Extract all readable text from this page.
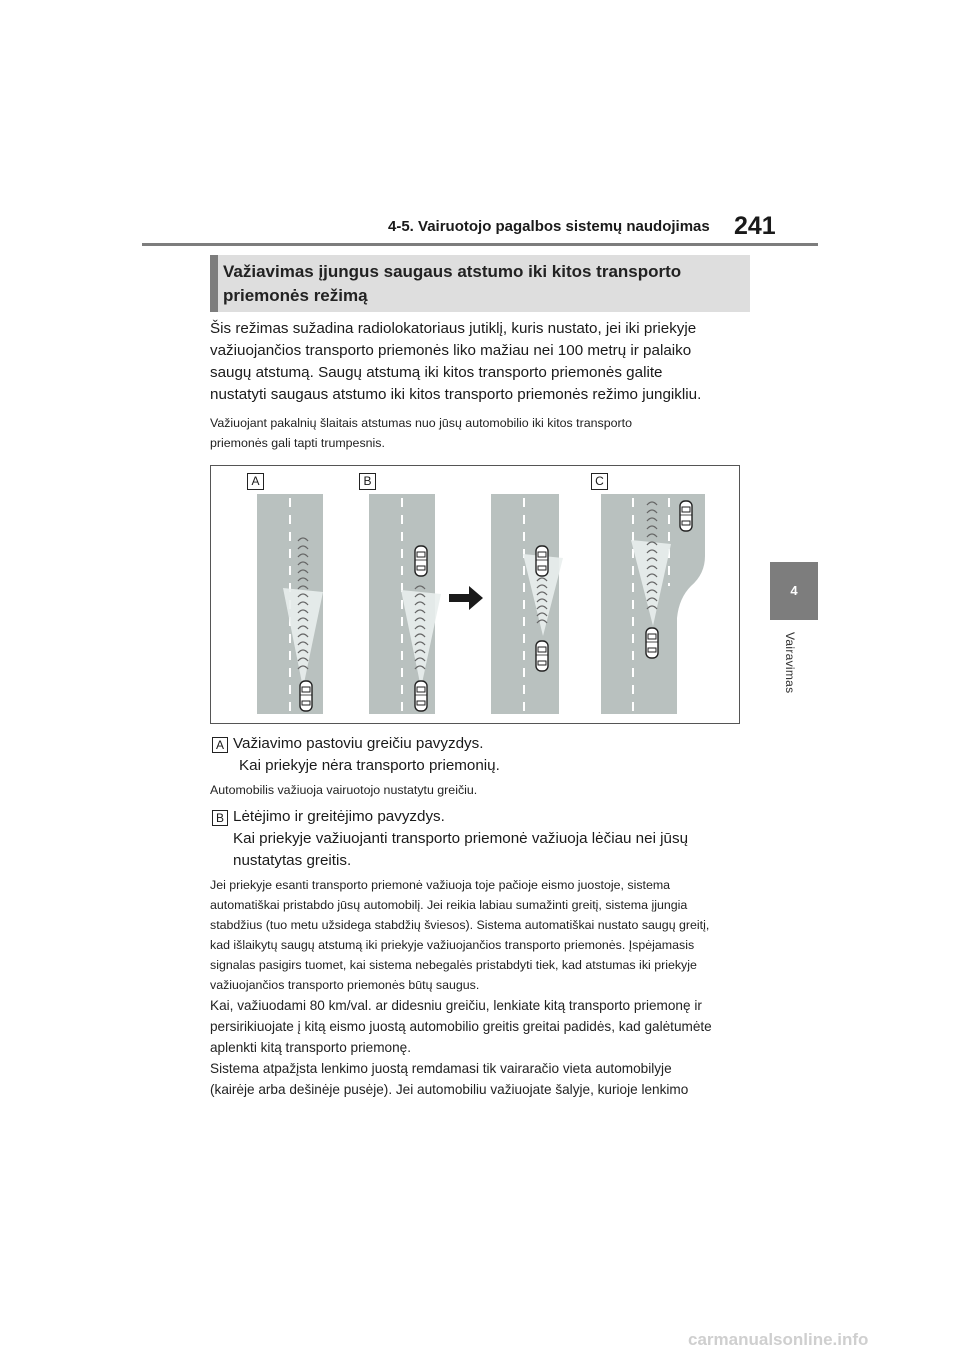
4-5. Vairuotojo pagalbos sistemų naudojimas 241
4
Vairavimas
Važiavimas įjungus saugaus atstumo iki kitos transporto
priemonės režimą
Šis režimas sužadina radiolokatoriaus jutiklį, kuris nustato, jei iki priekyje
važiuojančios transporto priemonės liko mažiau nei 100 metrų ir palaiko
saugų atstumą. Saugų atstumą iki kitos transporto priemonės galite
nustatyti saugaus atstumo iki kitos transporto priemonės režimo jungikliu.
Važiuojant pakalnių šlaitais atstumas nuo jūsų automobilio iki kitos transporto
priemonės gali tapti trumpesnis.
A	B	C
A Važiavimo pastoviu greičiu pavyzdys.
Kai priekyje nėra transporto priemonių.
Automobilis važiuoja vairuotojo nustatytu greičiu.
B Lėtėjimo ir greitėjimo pavyzdys.
Kai priekyje važiuojanti transporto priemonė važiuoja lėčiau nei jūsų
nustatytas greitis.
Jei priekyje esanti transporto priemonė važiuoja toje pačioje eismo juostoje, sistema
automatiškai pristabdo jūsų automobilį. Jei reikia labiau sumažinti greitį, sistema įjungia
stabdžius (tuo metu užsidega stabdžių šviesos). Sistema automatiškai nustato saugų greitį,
kad išlaikytų saugų atstumą iki priekyje važiuojančios transporto priemonės. Įspėjamasis
signalas pasigirs tuomet, kai sistema nebegalės pristabdyti tiek, kad atstumas iki priekyje
važiuojančios transporto priemonės būtų saugus.
Kai, važiuodami 80 km/val. ar didesniu greičiu, lenkiate kitą transporto priemonę ir
persirikiuojate į kitą eismo juostą automobilio greitis greitai padidės, kad galėtumėte
aplenkti kitą transporto priemonę.
Sistema atpažįsta lenkimo juostą remdamasi tik vairaračio vieta automobilyje
(kairėje arba dešinėje pusėje). Jei automobiliu važiuojate šalyje, kurioje lenkimo
carmanualsonline.info
